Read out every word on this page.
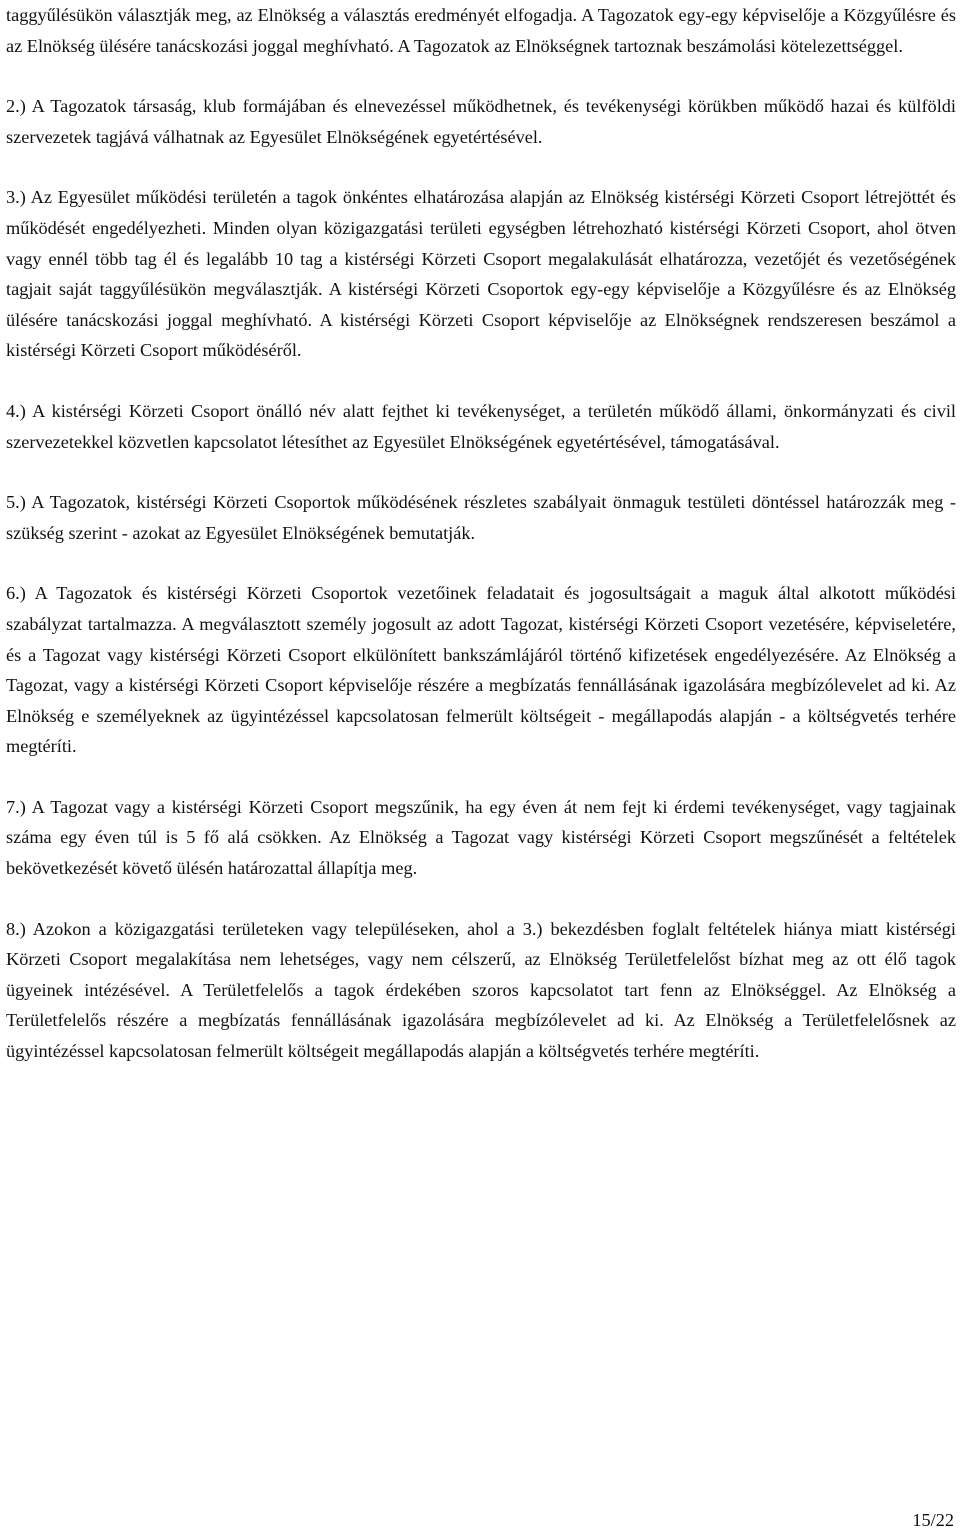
taggyűlésükön választják meg, az Elnökség a választás eredményét elfogadja. A Tagozatok egy-egy képviselője a Közgyűlésre és az Elnökség ülésére tanácskozási joggal meghívható. A Tagozatok az Elnökségnek tartoznak beszámolási kötelezettséggel.

2.) A Tagozatok társaság, klub formájában és elnevezéssel működhetnek, és tevékenységi körükben működő hazai és külföldi szervezetek tagjává válhatnak az Egyesület Elnökségének egyetértésével.

3.) Az Egyesület működési területén a tagok önkéntes elhatározása alapján az Elnökség kistérségi Körzeti Csoport létrejöttét és működését engedélyezheti. Minden olyan közigazgatási területi egységben létrehozható kistérségi Körzeti Csoport, ahol ötven vagy ennél több tag él és legalább 10 tag a kistérségi Körzeti Csoport megalakulását elhatározza, vezetőjét és vezetőségének tagjait saját taggyűlésükön megválasztják. A kistérségi Körzeti Csoportok egy-egy képviselője a Közgyűlésre és az Elnökség ülésére tanácskozási joggal meghívható. A kistérségi Körzeti Csoport képviselője az Elnökségnek rendszeresen beszámol a kistérségi Körzeti Csoport működéséről.

4.) A kistérségi Körzeti Csoport önálló név alatt fejthet ki tevékenységet, a területén működő állami, önkormányzati és civil szervezetekkel közvetlen kapcsolatot létesíthet az Egyesület Elnökségének egyetértésével, támogatásával.

5.) A Tagozatok, kistérségi Körzeti Csoportok működésének részletes szabályait önmaguk testületi döntéssel határozzák meg - szükség szerint - azokat az Egyesület Elnökségének bemutatják.

6.) A Tagozatok és kistérségi Körzeti Csoportok vezetőinek feladatait és jogosultságait a maguk által alkotott működési szabályzat tartalmazza. A megválasztott személy jogosult az adott Tagozat, kistérségi Körzeti Csoport vezetésére, képviseletére, és a Tagozat vagy kistérségi Körzeti Csoport elkülönített bankszámlájáról történő kifizetések engedélyezésére. Az Elnökség a Tagozat, vagy a kistérségi Körzeti Csoport képviselője részére a megbízatás fennállásának igazolására megbízólevelet ad ki. Az Elnökség e személyeknek az ügyintézéssel kapcsolatosan felmerült költségeit - megállapodás alapján - a költségvetés terhére megtéríti.

7.) A Tagozat vagy a kistérségi Körzeti Csoport megszűnik, ha egy éven át nem fejt ki érdemi tevékenységet, vagy tagjainak száma egy éven túl is 5 fő alá csökken. Az Elnökség a Tagozat vagy kistérségi Körzeti Csoport megszűnését a feltételek bekövetkezését követő ülésén határozattal állapítja meg.

8.) Azokon a közigazgatási területeken vagy településeken, ahol a 3.) bekezdésben foglalt feltételek hiánya miatt kistérségi Körzeti Csoport megalakítása nem lehetséges, vagy nem célszerű, az Elnökség Területfelelőst bízhat meg az ott élő tagok ügyeinek intézésével. A Területfelelős a tagok érdekében szoros kapcsolatot tart fenn az Elnökséggel. Az Elnökség a Területfelelős részére a megbízatás fennállásának igazolására megbízólevelet ad ki. Az Elnökség a Területfelelősnek az ügyintézéssel kapcsolatosan felmerült költségeit megállapodás alapján a költségvetés terhére megtéríti.

15/22
